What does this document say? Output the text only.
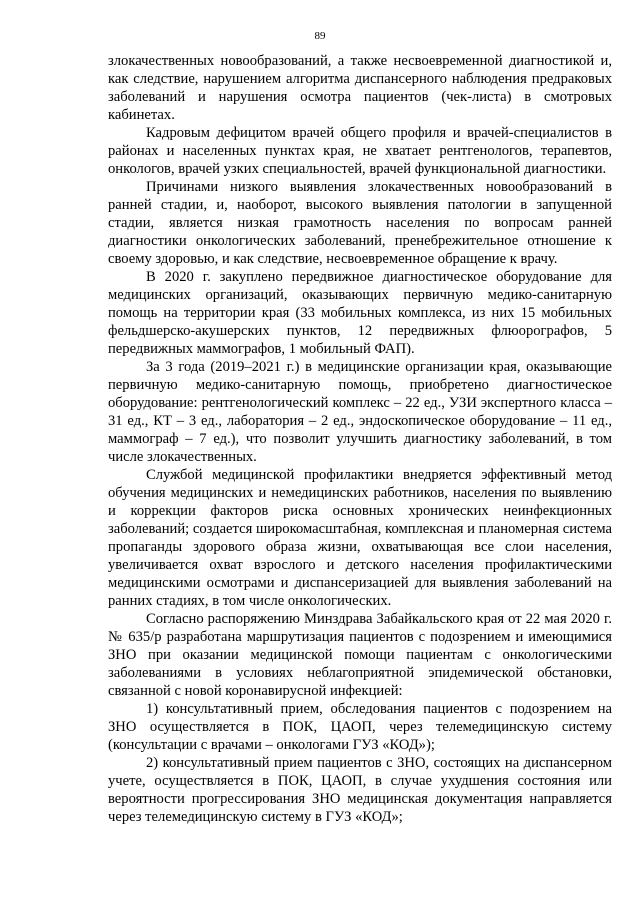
89

злокачественных новообразований, а также несвоевременной диагностикой и, как следствие, нарушением алгоритма диспансерного наблюдения предраковых заболеваний и нарушения осмотра пациентов (чек-листа) в смотровых кабинетах.

Кадровым дефицитом врачей общего профиля и врачей-специалистов в районах и населенных пунктах края, не хватает рентгенологов, терапевтов, онкологов, врачей узких специальностей, врачей функциональной диагностики.

Причинами низкого выявления злокачественных новообразований в ранней стадии, и, наоборот, высокого выявления патологии в запущенной стадии, является низкая грамотность населения по вопросам ранней диагностики онкологических заболеваний, пренебрежительное отношение к своему здоровью, и как следствие, несвоевременное обращение к врачу.

В 2020 г. закуплено передвижное диагностическое оборудование для медицинских организаций, оказывающих первичную медико-санитарную помощь на территории края (33 мобильных комплекса, из них 15 мобильных фельдшерско-акушерских пунктов, 12 передвижных флюорографов, 5 передвижных маммографов, 1 мобильный ФАП).

За 3 года (2019–2021 г.) в медицинские организации края, оказывающие первичную медико-санитарную помощь, приобретено диагностическое оборудование: рентгенологический комплекс – 22 ед., УЗИ экспертного класса – 31 ед., КТ – 3 ед., лаборатория – 2 ед., эндоскопическое оборудование – 11 ед., маммограф – 7 ед.), что позволит улучшить диагностику заболеваний, в том числе злокачественных.

Службой медицинской профилактики внедряется эффективный метод обучения медицинских и немедицинских работников, населения по выявлению и коррекции факторов риска основных хронических неинфекционных заболеваний; создается широкомасштабная, комплексная и планомерная система пропаганды здорового образа жизни, охватывающая все слои населения, увеличивается охват взрослого и детского населения профилактическими медицинскими осмотрами и диспансеризацией для выявления заболеваний на ранних стадиях, в том числе онкологических.

Согласно распоряжению Минздрава Забайкальского края от 22 мая 2020 г. № 635/р разработана маршрутизация пациентов с подозрением и имеющимися ЗНО при оказании медицинской помощи пациентам с онкологическими заболеваниями в условиях неблагоприятной эпидемической обстановки, связанной с новой коронавирусной инфекцией:

1) консультативный прием, обследования пациентов с подозрением на ЗНО осуществляется в ПОК, ЦАОП, через телемедицинскую систему (консультации с врачами – онкологами ГУЗ «КОД»);

2) консультативный прием пациентов с ЗНО, состоящих на диспансерном учете, осуществляется в ПОК, ЦАОП, в случае ухудшения состояния или вероятности прогрессирования ЗНО медицинская документация направляется через телемедицинскую систему в ГУЗ «КОД»;
